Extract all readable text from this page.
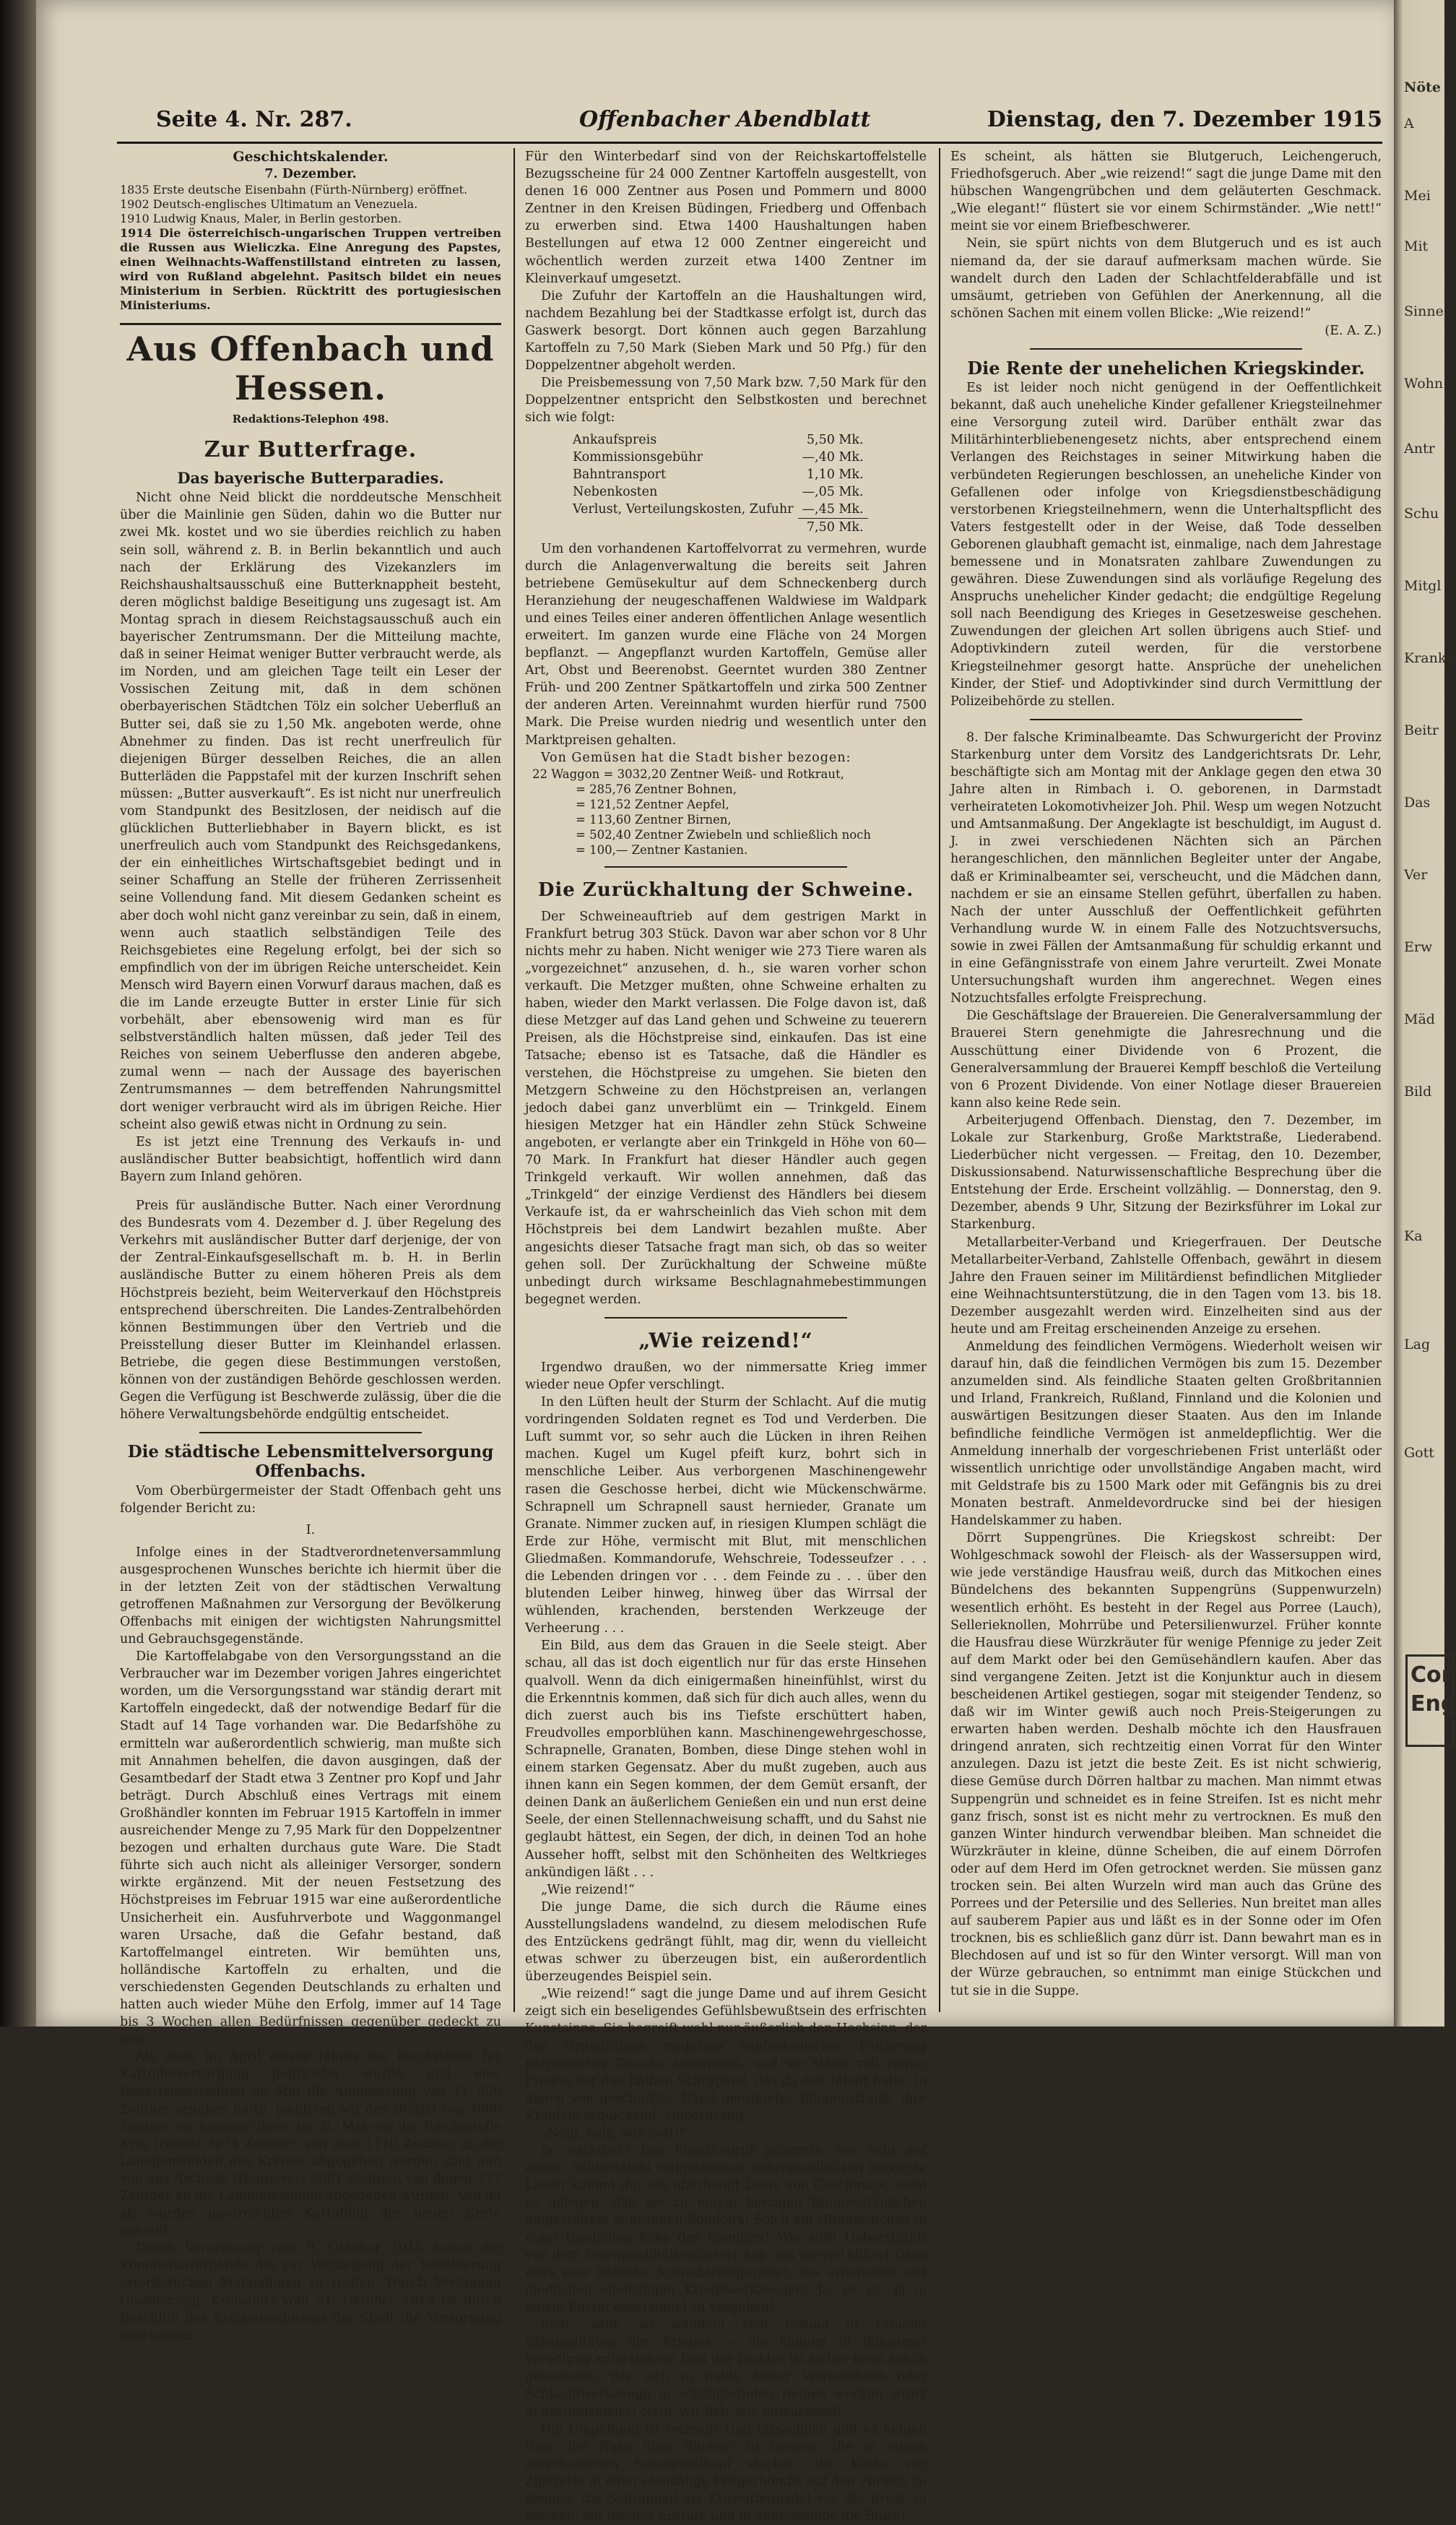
Seite 4. Nr. 287.	Offenbacher Abendblatt	Dienstag, den 7. Dezember 1915
Geschichtskalender.
7. Dezember.

1835 Erste deutsche Eisenbahn (Fürth-Nürnberg) eröffnet.

1902 Deutsch-englisches Ultimatum an Venezuela.

1910 Ludwig Knaus, Maler, in Berlin gestorben.

1914 Die österreichisch-ungarischen Truppen vertreiben die Russen aus Wieliczka. Eine Anregung des Papstes, einen Weihnachts-Waffenstillstand eintreten zu lassen, wird von Rußland abgelehnt. Pasitsch bildet ein neues Ministerium in Serbien. Rücktritt des portugiesischen Ministeriums.

Aus Offenbach und Hessen.
Redaktions-Telephon 498.
Zur Butterfrage.
Das bayerische Butterparadies.

Nicht ohne Neid blickt die norddeutsche Menschheit über die Mainlinie gen Süden, dahin wo die Butter nur zwei Mk. kostet und wo sie überdies reichlich zu haben sein soll, während z. B. in Berlin bekanntlich und auch nach der Erklärung des Vizekanzlers im Reichshaushaltsausschuß eine Butterknappheit besteht, deren möglichst baldige Beseitigung uns zugesagt ist. Am Montag sprach in diesem Reichstagsausschuß auch ein bayerischer Zentrumsmann. Der die Mitteilung machte, daß in seiner Heimat weniger Butter verbraucht werde, als im Norden, und am gleichen Tage teilt ein Leser der Vossischen Zeitung mit, daß in dem schönen oberbayerischen Städtchen Tölz ein solcher Ueberfluß an Butter sei, daß sie zu 1,50 Mk. angeboten werde, ohne Abnehmer zu finden. Das ist recht unerfreulich für diejenigen Bürger desselben Reiches, die an allen Butterläden die Pappstafel mit der kurzen Inschrift sehen müssen: „Butter ausverkauft“. Es ist nicht nur unerfreulich vom Standpunkt des Besitzlosen, der neidisch auf die glücklichen Butterliebhaber in Bayern blickt, es ist unerfreulich auch vom Standpunkt des Reichsgedankens, der ein einheitliches Wirtschaftsgebiet bedingt und in seiner Schaffung an Stelle der früheren Zerrissenheit seine Vollendung fand. Mit diesem Gedanken scheint es aber doch wohl nicht ganz vereinbar zu sein, daß in einem, wenn auch staatlich selbständigen Teile des Reichsgebietes eine Regelung erfolgt, bei der sich so empfindlich von der im übrigen Reiche unterscheidet. Kein Mensch wird Bayern einen Vorwurf daraus machen, daß es die im Lande erzeugte Butter in erster Linie für sich vorbehält, aber ebensowenig wird man es für selbstverständlich halten müssen, daß jeder Teil des Reiches von seinem Ueberflusse den anderen abgebe, zumal wenn — nach der Aussage des bayerischen Zentrumsmannes — dem betreffenden Nahrungsmittel dort weniger verbraucht wird als im übrigen Reiche. Hier scheint also gewiß etwas nicht in Ordnung zu sein.

Es ist jetzt eine Trennung des Verkaufs in- und ausländischer Butter beabsichtigt, hoffentlich wird dann Bayern zum Inland gehören.

Preis für ausländische Butter. Nach einer Verordnung des Bundesrats vom 4. Dezember d. J. über Regelung des Verkehrs mit ausländischer Butter darf derjenige, der von der Zentral-Einkaufsgesellschaft m. b. H. in Berlin ausländische Butter zu einem höheren Preis als dem Höchstpreis bezieht, beim Weiterverkauf den Höchstpreis entsprechend überschreiten. Die Landes-Zentralbehörden können Bestimmungen über den Vertrieb und die Preisstellung dieser Butter im Kleinhandel erlassen. Betriebe, die gegen diese Bestimmungen verstoßen, können von der zuständigen Behörde geschlossen werden. Gegen die Verfügung ist Beschwerde zulässig, über die die höhere Verwaltungsbehörde endgültig entscheidet.

Die städtische Lebensmittelversorgung Offenbachs.

Vom Oberbürgermeister der Stadt Offenbach geht uns folgender Bericht zu:

I.

Infolge eines in der Stadtverordnetenversammlung ausgesprochenen Wunsches berichte ich hiermit über die in der letzten Zeit von der städtischen Verwaltung getroffenen Maßnahmen zur Versorgung der Bevölkerung Offenbachs mit einigen der wichtigsten Nahrungsmittel und Gebrauchsgegenstände.

Die Kartoffelabgabe von den Versorgungsstand an die Verbraucher war im Dezember vorigen Jahres eingerichtet worden, um die Versorgungsstand war ständig derart mit Kartoffeln eingedeckt, daß der notwendige Bedarf für die Stadt auf 14 Tage vorhanden war. Die Bedarfshöhe zu ermitteln war außerordentlich schwierig, man mußte sich mit Annahmen behelfen, die davon ausgingen, daß der Gesamtbedarf der Stadt etwa 3 Zentner pro Kopf und Jahr beträgt. Durch Abschluß eines Vertrags mit einem Großhändler konnten im Februar 1915 Kartoffeln in immer ausreichender Menge zu 7,95 Mark für den Doppelzentner bezogen und erhalten durchaus gute Ware. Die Stadt führte sich auch nicht als alleiniger Versorger, sondern wirkte ergänzend. Mit der neuen Festsetzung des Höchstpreises im Februar 1915 war eine außerordentliche Unsicherheit ein. Ausfuhrverbote und Waggonmangel waren Ursache, daß die Gefahr bestand, daß Kartoffelmangel eintreten. Wir bemühten uns, holländische Kartoffeln zu erhalten, und die verschiedensten Gegenden Deutschlands zu erhalten und hatten auch wieder Mühe den Erfolg, immer auf 14 Tage bis 3 Wochen allen Bedürfnissen gegenüber gedeckt zu sein.

Als dann im April dieses Jahres die Reichsstelle für Kartoffelversorgung gegründet wurde und eine Bedarfsfeststellung im Mai die Anforderung von 11 500 Zentner ergeben hatte, meldeten wir den Bedarf von 7000 Zentner an, bezogen dann am 31. Mai von der Reichsstelle Krin (Posen) 3974 Zentner, von dem 1110 Zentner an die Landgemeinden des Kreises abgegeben worden sind und von aus Aschede (Hannover) 5081 Zentner, von denen 777 Zentner an die Landgemeinden abgegeben wurden. Von da ab wurden unerreichten Kartoffeln der neuen Ernte gekauft.

Durch Verordnung vom 9. Oktober 1915 haben die Kommunalverbände die zur Versorgung der Bevölkerung erforderlichen Maßnahmen zu treffen. Durch Verfügung Großherzogl. Kreisamts vom 21. Oktober 1915 ist durch Beschluß des Kreisausschusses der Stadt die Versorgung übertragen.

Für den Winterbedarf sind von der Reichskartoffelstelle Bezugsscheine für 24 000 Zentner Kartoffeln ausgestellt, von denen 16 000 Zentner aus Posen und Pommern und 8000 Zentner in den Kreisen Büdingen, Friedberg und Offenbach zu erwerben sind. Etwa 1400 Haushaltungen haben Bestellungen auf etwa 12 000 Zentner eingereicht und wöchentlich werden zurzeit etwa 1400 Zentner im Kleinverkauf umgesetzt.

Die Zufuhr der Kartoffeln an die Haushaltungen wird, nachdem Bezahlung bei der Stadtkasse erfolgt ist, durch das Gaswerk besorgt. Dort können auch gegen Barzahlung Kartoffeln zu 7,50 Mark (Sieben Mark und 50 Pfg.) für den Doppelzentner abgeholt werden.

Die Preisbemessung von 7,50 Mark bzw. 7,50 Mark für den Doppelzentner entspricht den Selbstkosten und berechnet sich wie folgt:

Ankaufspreis	5,50 Mk.
Kommissionsgebühr	—,40 Mk.
Bahntransport	1,10 Mk.
Nebenkosten	—,05 Mk.
Verlust, Verteilungskosten, Zufuhr	—,45 Mk.
	7,50 Mk.

Um den vorhandenen Kartoffelvorrat zu vermehren, wurde durch die Anlagenverwaltung die bereits seit Jahren betriebene Gemüsekultur auf dem Schneckenberg durch Heranziehung der neugeschaffenen Waldwiese im Waldpark und eines Teiles einer anderen öffentlichen Anlage wesentlich erweitert. Im ganzen wurde eine Fläche von 24 Morgen bepflanzt. — Angepflanzt wurden Kartoffeln, Gemüse aller Art, Obst und Beerenobst. Geerntet wurden 380 Zentner Früh- und 200 Zentner Spätkartoffeln und zirka 500 Zentner der anderen Arten. Vereinnahmt wurden hierfür rund 7500 Mark. Die Preise wurden niedrig und wesentlich unter den Marktpreisen gehalten.

Von Gemüsen hat die Stadt bisher bezogen:

22 Waggon = 3032,20 Zentner Weiß- und Rotkraut,
= 285,76 Zentner Bohnen,
= 121,52 Zentner Aepfel,
= 113,60 Zentner Birnen,
= 502,40 Zentner Zwiebeln und schließlich noch
= 100,— Zentner Kastanien.
Die Zurückhaltung der Schweine.

Der Schweineauftrieb auf dem gestrigen Markt in Frankfurt betrug 303 Stück. Davon war aber schon vor 8 Uhr nichts mehr zu haben. Nicht weniger wie 273 Tiere waren als „vorgezeichnet“ anzusehen, d. h., sie waren vorher schon verkauft. Die Metzger mußten, ohne Schweine erhalten zu haben, wieder den Markt verlassen. Die Folge davon ist, daß diese Metzger auf das Land gehen und Schweine zu teuerern Preisen, als die Höchstpreise sind, einkaufen. Das ist eine Tatsache; ebenso ist es Tatsache, daß die Händler es verstehen, die Höchstpreise zu umgehen. Sie bieten den Metzgern Schweine zu den Höchstpreisen an, verlangen jedoch dabei ganz unverblümt ein — Trinkgeld. Einem hiesigen Metzger hat ein Händler zehn Stück Schweine angeboten, er verlangte aber ein Trinkgeld in Höhe von 60—70 Mark. In Frankfurt hat dieser Händler auch gegen Trinkgeld verkauft. Wir wollen annehmen, daß das „Trinkgeld“ der einzige Verdienst des Händlers bei diesem Verkaufe ist, da er wahrscheinlich das Vieh schon mit dem Höchstpreis bei dem Landwirt bezahlen mußte. Aber angesichts dieser Tatsache fragt man sich, ob das so weiter gehen soll. Der Zurückhaltung der Schweine müßte unbedingt durch wirksame Beschlagnahmebestimmungen begegnet werden.

„Wie reizend!“

Irgendwo draußen, wo der nimmersatte Krieg immer wieder neue Opfer verschlingt.

In den Lüften heult der Sturm der Schlacht. Auf die mutig vordringenden Soldaten regnet es Tod und Verderben. Die Luft summt vor, so sehr auch die Lücken in ihren Reihen machen. Kugel um Kugel pfeift kurz, bohrt sich in menschliche Leiber. Aus verborgenen Maschinengewehr rasen die Geschosse herbei, dicht wie Mückenschwärme. Schrapnell um Schrapnell saust hernieder, Granate um Granate. Nimmer zucken auf, in riesigen Klumpen schlägt die Erde zur Höhe, vermischt mit Blut, mit menschlichen Gliedmaßen. Kommandorufe, Wehschreie, Todesseufzer . . . die Lebenden dringen vor . . . dem Feinde zu . . . über den blutenden Leiber hinweg, hinweg über das Wirrsal der wühlenden, krachenden, berstenden Werkzeuge der Verheerung . . .

Ein Bild, aus dem das Grauen in die Seele steigt. Aber schau, all das ist doch eigentlich nur für das erste Hinsehen qualvoll. Wenn da dich einigermaßen hineinfühlst, wirst du die Erkenntnis kommen, daß sich für dich auch alles, wenn du dich zuerst auch bis ins Tiefste erschüttert haben, Freudvolles emporblühen kann. Maschinengewehrgeschosse, Schrapnelle, Granaten, Bomben, diese Dinge stehen wohl in einem starken Gegensatz. Aber du mußt zugeben, auch aus ihnen kann ein Segen kommen, der dem Gemüt ersanft, der deinen Dank an äußerlichem Genießen ein und nun erst deine Seele, der einen Stellennachweisung schafft, und du Sahst nie geglaubt hättest, ein Segen, der dich, in deinen Tod an hohe Ausseher hofft, selbst mit den Schönheiten des Weltkrieges ankündigen läßt . . .

„Wie reizend!“

Die junge Dame, die sich durch die Räume eines Ausstellungsladens wandelnd, zu diesem melodischen Rufe des Entzückens gedrängt fühlt, mag dir, wenn du vielleicht etwas schwer zu überzeugen bist, ein außerordentlich überzeugendes Beispiel sein.

„Wie reizend!“ sagt die junge Dame und auf ihrem Gesicht zeigt sich ein beseligendes Gefühlsbewußtsein des erfrischten Kunstsinns. Sie begreift wohl nur äußerlich den Hochsinn, der den Grundsätzen moderner kaufmännischer Förderung patriotischer Zwecke innewohnt, und sie stand voll reiner Freude vor den halben Schrapnell, das da den Inhalt hatte, in denen von geschickter Hand geordneter Blumenstrauß, ihre Kraglein erquickend, empordrang.

„Nein, nein, wie nett!“

Ja, natürlich! Der Kunstbegriff geformte, aus acht auf einem Schlachtfeld aufgelesenen Schrapnellhülsen erzeugte Lüster kommt ihr, wie überhaupt Leute von Geschmack, wohl so gelegen, daß sie zu einem herzigen Blumenständchen umgestaltete Schrapnell-Boudoirs! Solch ein Nipptischchen in einer traulichen Ecke des Boudoirs! Wie süß! Ueberstrahlt von dem Schrapnellhülsenlüster! Ach, um wieviel süßer! Dazu etwa eine hübsche Schreibtischgarnitur, aus erhabenen und niedlichen ehemaligen Kriegswerkzeugen! Ja, es ist, ja in einem Entzückenstaumel zu vergehen!

Sieh, seht, so wandeln sich Greuel in Freude! Erbsmalitäten des Krieges — die können in feinsamer Veredlung auferstehen! Und der Dichter ist sicher nicht schön gekommen, der sich in Bälde dieser Werkmünzen oder Schlachtwerkzeuge in schimmernden Reihen wecken wird? Schachtelspieler! Nein, wir lieb, wie entzückend!

Die Umgebung ist reizend! Und tatsächlich gibt es keinen Reiz, die Nase über Blumen zu beugen, die in einem zerschossenen Schrapnellkopf stecken, die Küche zur Zigarette in einer ehemalige Fliegerbombe auf den Pfirsich zu steigen, die Schrapnell als Krawattennadel vor die Brust zu stecken, ein fesches Kostüm und in anheimelnde die Bluse!

Es scheint, als hätten sie Blutgeruch, Leichengeruch, Friedhofsgeruch. Aber „wie reizend!“ sagt die junge Dame mit den hübschen Wangengrübchen und dem geläuterten Geschmack. „Wie elegant!“ flüstert sie vor einem Schirmständer. „Wie nett!“ meint sie vor einem Briefbeschwerer.

Nein, sie spürt nichts von dem Blutgeruch und es ist auch niemand da, der sie darauf aufmerksam machen würde. Sie wandelt durch den Laden der Schlachtfelderabfälle und ist umsäumt, getrieben von Gefühlen der Anerkennung, all die schönen Sachen mit einem vollen Blicke: „Wie reizend!“

(E. A. Z.)
Die Rente der unehelichen Kriegskinder.

Es ist leider noch nicht genügend in der Oeffentlichkeit bekannt, daß auch uneheliche Kinder gefallener Kriegsteilnehmer eine Versorgung zuteil wird. Darüber enthält zwar das Militärhinterbliebenengesetz nichts, aber entsprechend einem Verlangen des Reichstages in seiner Mitwirkung haben die verbündeten Regierungen beschlossen, an uneheliche Kinder von Gefallenen oder infolge von Kriegsdienstbeschädigung verstorbenen Kriegsteilnehmern, wenn die Unterhaltspflicht des Vaters festgestellt oder in der Weise, daß Tode desselben Geborenen glaubhaft gemacht ist, einmalige, nach dem Jahrestage bemessene und in Monatsraten zahlbare Zuwendungen zu gewähren. Diese Zuwendungen sind als vorläufige Regelung des Anspruchs unehelicher Kinder gedacht; die endgültige Regelung soll nach Beendigung des Krieges in Gesetzesweise geschehen. Zuwendungen der gleichen Art sollen übrigens auch Stief- und Adoptivkindern zuteil werden, für die verstorbene Kriegsteilnehmer gesorgt hatte. Ansprüche der unehelichen Kinder, der Stief- und Adoptivkinder sind durch Vermittlung der Polizeibehörde zu stellen.

8. Der falsche Kriminalbeamte. Das Schwurgericht der Provinz Starkenburg unter dem Vorsitz des Landgerichtsrats Dr. Lehr, beschäftigte sich am Montag mit der Anklage gegen den etwa 30 Jahre alten in Rimbach i. O. geborenen, in Darmstadt verheirateten Lokomotivheizer Joh. Phil. Wesp um wegen Notzucht und Amtsanmaßung. Der Angeklagte ist beschuldigt, im August d. J. in zwei verschiedenen Nächten sich an Pärchen herangeschlichen, den männlichen Begleiter unter der Angabe, daß er Kriminalbeamter sei, verscheucht, und die Mädchen dann, nachdem er sie an einsame Stellen geführt, überfallen zu haben. Nach der unter Ausschluß der Oeffentlichkeit geführten Verhandlung wurde W. in einem Falle des Notzuchtsversuchs, sowie in zwei Fällen der Amtsanmaßung für schuldig erkannt und in eine Gefängnisstrafe von einem Jahre verurteilt. Zwei Monate Untersuchungshaft wurden ihm angerechnet. Wegen eines Notzuchtsfalles erfolgte Freisprechung.

Die Geschäftslage der Brauereien. Die Generalversammlung der Brauerei Stern genehmigte die Jahresrechnung und die Ausschüttung einer Dividende von 6 Prozent, die Generalversammlung der Brauerei Kempff beschloß die Verteilung von 6 Prozent Dividende. Von einer Notlage dieser Brauereien kann also keine Rede sein.

Arbeiterjugend Offenbach. Dienstag, den 7. Dezember, im Lokale zur Starkenburg, Große Marktstraße, Liederabend. Liederbücher nicht vergessen. — Freitag, den 10. Dezember, Diskussionsabend. Naturwissenschaftliche Besprechung über die Entstehung der Erde. Erscheint vollzählig. — Donnerstag, den 9. Dezember, abends 9 Uhr, Sitzung der Bezirksführer im Lokal zur Starkenburg.

Metallarbeiter-Verband und Kriegerfrauen. Der Deutsche Metallarbeiter-Verband, Zahlstelle Offenbach, gewährt in diesem Jahre den Frauen seiner im Militärdienst befindlichen Mitglieder eine Weihnachtsunterstützung, die in den Tagen vom 13. bis 18. Dezember ausgezahlt werden wird. Einzelheiten sind aus der heute und am Freitag erscheinenden Anzeige zu ersehen.

Anmeldung des feindlichen Vermögens. Wiederholt weisen wir darauf hin, daß die feindlichen Vermögen bis zum 15. Dezember anzumelden sind. Als feindliche Staaten gelten Großbritannien und Irland, Frankreich, Rußland, Finnland und die Kolonien und auswärtigen Besitzungen dieser Staaten. Aus den im Inlande befindliche feindliche Vermögen ist anmeldepflichtig. Wer die Anmeldung innerhalb der vorgeschriebenen Frist unterläßt oder wissentlich unrichtige oder unvollständige Angaben macht, wird mit Geldstrafe bis zu 1500 Mark oder mit Gefängnis bis zu drei Monaten bestraft. Anmeldevordrucke sind bei der hiesigen Handelskammer zu haben.

Dörrt Suppengrünes. Die Kriegskost schreibt: Der Wohlgeschmack sowohl der Fleisch- als der Wassersuppen wird, wie jede verständige Hausfrau weiß, durch das Mitkochen eines Bündelchens des bekannten Suppengrüns (Suppenwurzeln) wesentlich erhöht. Es besteht in der Regel aus Porree (Lauch), Sellerieknollen, Mohrrübe und Petersilienwurzel. Früher konnte die Hausfrau diese Würzkräuter für wenige Pfennige zu jeder Zeit auf dem Markt oder bei den Gemüsehändlern kaufen. Aber das sind vergangene Zeiten. Jetzt ist die Konjunktur auch in diesem bescheidenen Artikel gestiegen, sogar mit steigender Tendenz, so daß wir im Winter gewiß auch noch Preis-Steigerungen zu erwarten haben werden. Deshalb möchte ich den Hausfrauen dringend anraten, sich rechtzeitig einen Vorrat für den Winter anzulegen. Dazu ist jetzt die beste Zeit. Es ist nicht schwierig, diese Gemüse durch Dörren haltbar zu machen. Man nimmt etwas Suppengrün und schneidet es in feine Streifen. Ist es nicht mehr ganz frisch, sonst ist es nicht mehr zu vertrocknen. Es muß den ganzen Winter hindurch verwendbar bleiben. Man schneidet die Würzkräuter in kleine, dünne Scheiben, die auf einem Dörrofen oder auf dem Herd im Ofen getrocknet werden. Sie müssen ganz trocken sein. Bei alten Wurzeln wird man auch das Grüne des Porrees und der Petersilie und des Selleries. Nun breitet man alles auf sauberem Papier aus und läßt es in der Sonne oder im Ofen trocknen, bis es schließlich ganz dürr ist. Dann bewahrt man es in Blechdosen auf und ist so für den Winter versorgt. Will man von der Würze gebrauchen, so entnimmt man einige Stückchen und tut sie in die Suppe.

Nöte
A
Mei
Mit
Sinne
Wohn
Antr
Schu
Mitgl
Kranke
Beitr
Das
Ver
Erw
Mäd
Bild
Ka
Lag
Gott
Cor
Eng
